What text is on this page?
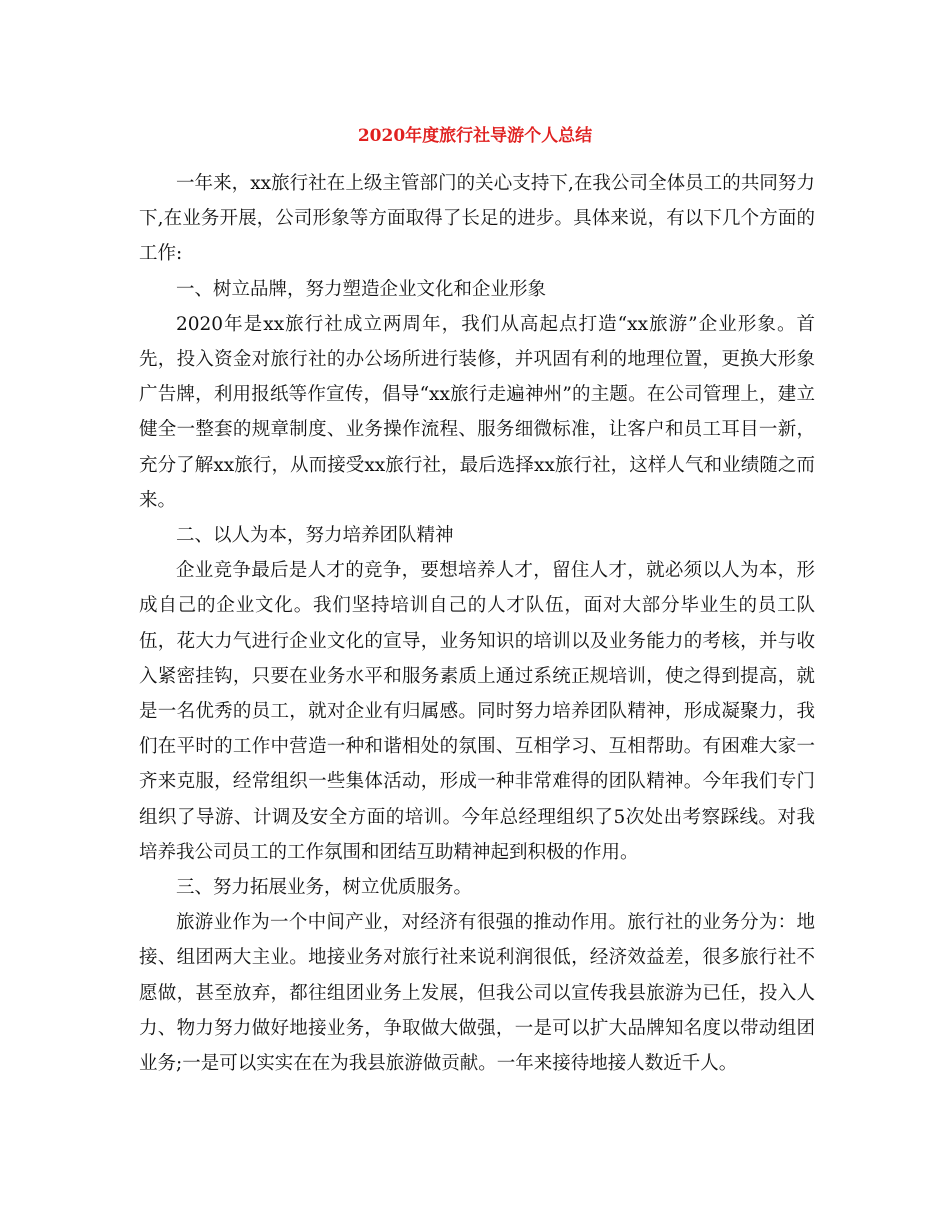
2020年度旅行社导游个人总结

一年来，xx旅行社在上级主管部门的关心支持下,在我公司全体员工的共同努力下,在业务开展，公司形象等方面取得了长足的进步。具体来说，有以下几个方面的工作:

一、树立品牌，努力塑造企业文化和企业形象

2020年是xx旅行社成立两周年，我们从高起点打造“xx旅游”企业形象。首先，投入资金对旅行社的办公场所进行装修，并巩固有利的地理位置，更换大形象广告牌，利用报纸等作宣传，倡导“xx旅行走遍神州”的主题。在公司管理上，建立健全一整套的规章制度、业务操作流程、服务细微标准，让客户和员工耳目一新，充分了解xx旅行，从而接受xx旅行社，最后选择xx旅行社，这样人气和业绩随之而来。

二、以人为本，努力培养团队精神

企业竞争最后是人才的竞争，要想培养人才，留住人才，就必须以人为本，形成自己的企业文化。我们坚持培训自己的人才队伍，面对大部分毕业生的员工队伍，花大力气进行企业文化的宣导，业务知识的培训以及业务能力的考核，并与收入紧密挂钩，只要在业务水平和服务素质上通过系统正规培训，使之得到提高，就是一名优秀的员工，就对企业有归属感。同时努力培养团队精神，形成凝聚力，我们在平时的工作中营造一种和谐相处的氛围、互相学习、互相帮助。有困难大家一齐来克服，经常组织一些集体活动，形成一种非常难得的团队精神。今年我们专门组织了导游、计调及安全方面的培训。今年总经理组织了5次处出考察踩线。对我培养我公司员工的工作氛围和团结互助精神起到积极的作用。

三、努力拓展业务，树立优质服务。

旅游业作为一个中间产业，对经济有很强的推动作用。旅行社的业务分为：地接、组团两大主业。地接业务对旅行社来说利润很低，经济效益差，很多旅行社不愿做，甚至放弃，都往组团业务上发展，但我公司以宣传我县旅游为已任，投入人力、物力努力做好地接业务，争取做大做强，一是可以扩大品牌知名度以带动组团业务;一是可以实实在在为我县旅游做贡献。一年来接待地接人数近千人。
